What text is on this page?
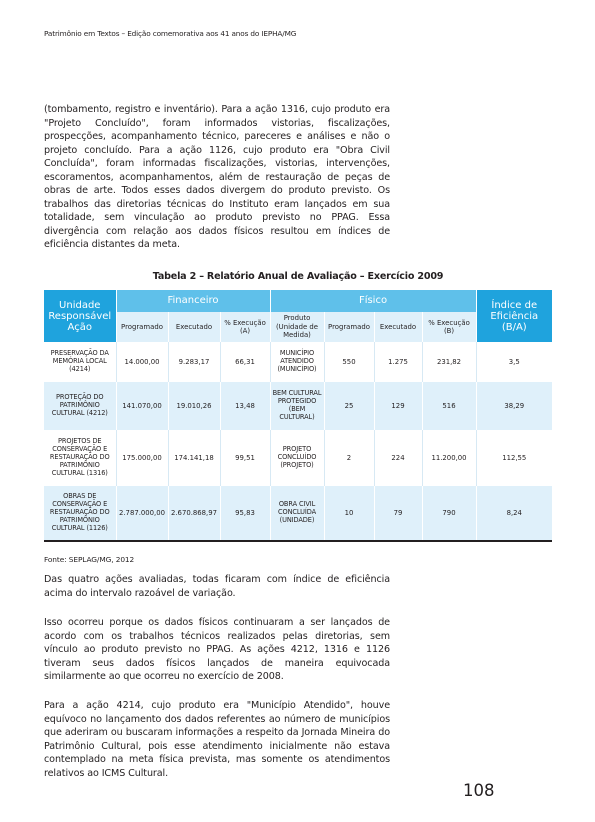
Patrimônio em Textos – Edição comemorativa aos 41 anos do IEPHA/MG

(tombamento, registro e inventário). Para a ação 1316, cujo produto era "Projeto Concluído", foram informados vistorias, fiscalizações, prospecções, acompanhamento técnico, pareceres e análises e não o projeto concluído. Para a ação 1126, cujo produto era "Obra Civil Concluída", foram informadas fiscalizações, vistorias, intervenções, escoramentos, acompanhamentos, além de restauração de peças de obras de arte. Todos esses dados divergem do produto previsto. Os trabalhos das diretorias técnicas do Instituto eram lançados em sua totalidade, sem vinculação ao produto previsto no PPAG. Essa divergência com relação aos dados físicos resultou em índices de eficiência distantes da meta.

Tabela 2 – Relatório Anual de Avaliação – Exercício 2009
Unidade Responsável Ação	Financeiro			Físico				Índice de Eficiência (B/A)
	Programado	Executado	% Execução (A)	Produto (Unidade de Medida)	Programado	Executado	% Execução (B)	
PRESERVAÇÃO DA MEMÓRIA LOCAL (4214)	14.000,00	9.283,17	66,31	MUNICÍPIO ATENDIDO (MUNICÍPIO)	550	1.275	231,82	3,5
PROTEÇÃO DO PATRIMÔNIO CULTURAL (4212)	141.070,00	19.010,26	13,48	BEM CULTURAL PROTEGIDO (BEM CULTURAL)	25	129	516	38,29
PROJETOS DE CONSERVAÇÃO E RESTAURAÇÃO DO PATRIMÔNIO CULTURAL (1316)	175.000,00	174.141,18	99,51	PROJETO CONCLUÍDO (PROJETO)	2	224	11.200,00	112,55
OBRAS DE CONSERVAÇÃO E RESTAURAÇÃO DO PATRIMÔNIO CULTURAL (1126)	2.787.000,00	2.670.868,97	95,83	OBRA CIVIL CONCLUÍDA (UNIDADE)	10	79	790	8,24
Fonte: SEPLAG/MG, 2012

Das quatro ações avaliadas, todas ficaram com índice de eficiência acima do intervalo razoável de variação.

Isso ocorreu porque os dados físicos continuaram a ser lançados de acordo com os trabalhos técnicos realizados pelas diretorias, sem vínculo ao produto previsto no PPAG. As ações 4212, 1316 e 1126 tiveram seus dados físicos lançados de maneira equivocada similarmente ao que ocorreu no exercício de 2008.

Para a ação 4214, cujo produto era "Município Atendido", houve equívoco no lançamento dos dados referentes ao número de municípios que aderiram ou buscaram informações a respeito da Jornada Mineira do Patrimônio Cultural, pois esse atendimento inicialmente não estava contemplado na meta física prevista, mas somente os atendimentos relativos ao ICMS Cultural.

108
